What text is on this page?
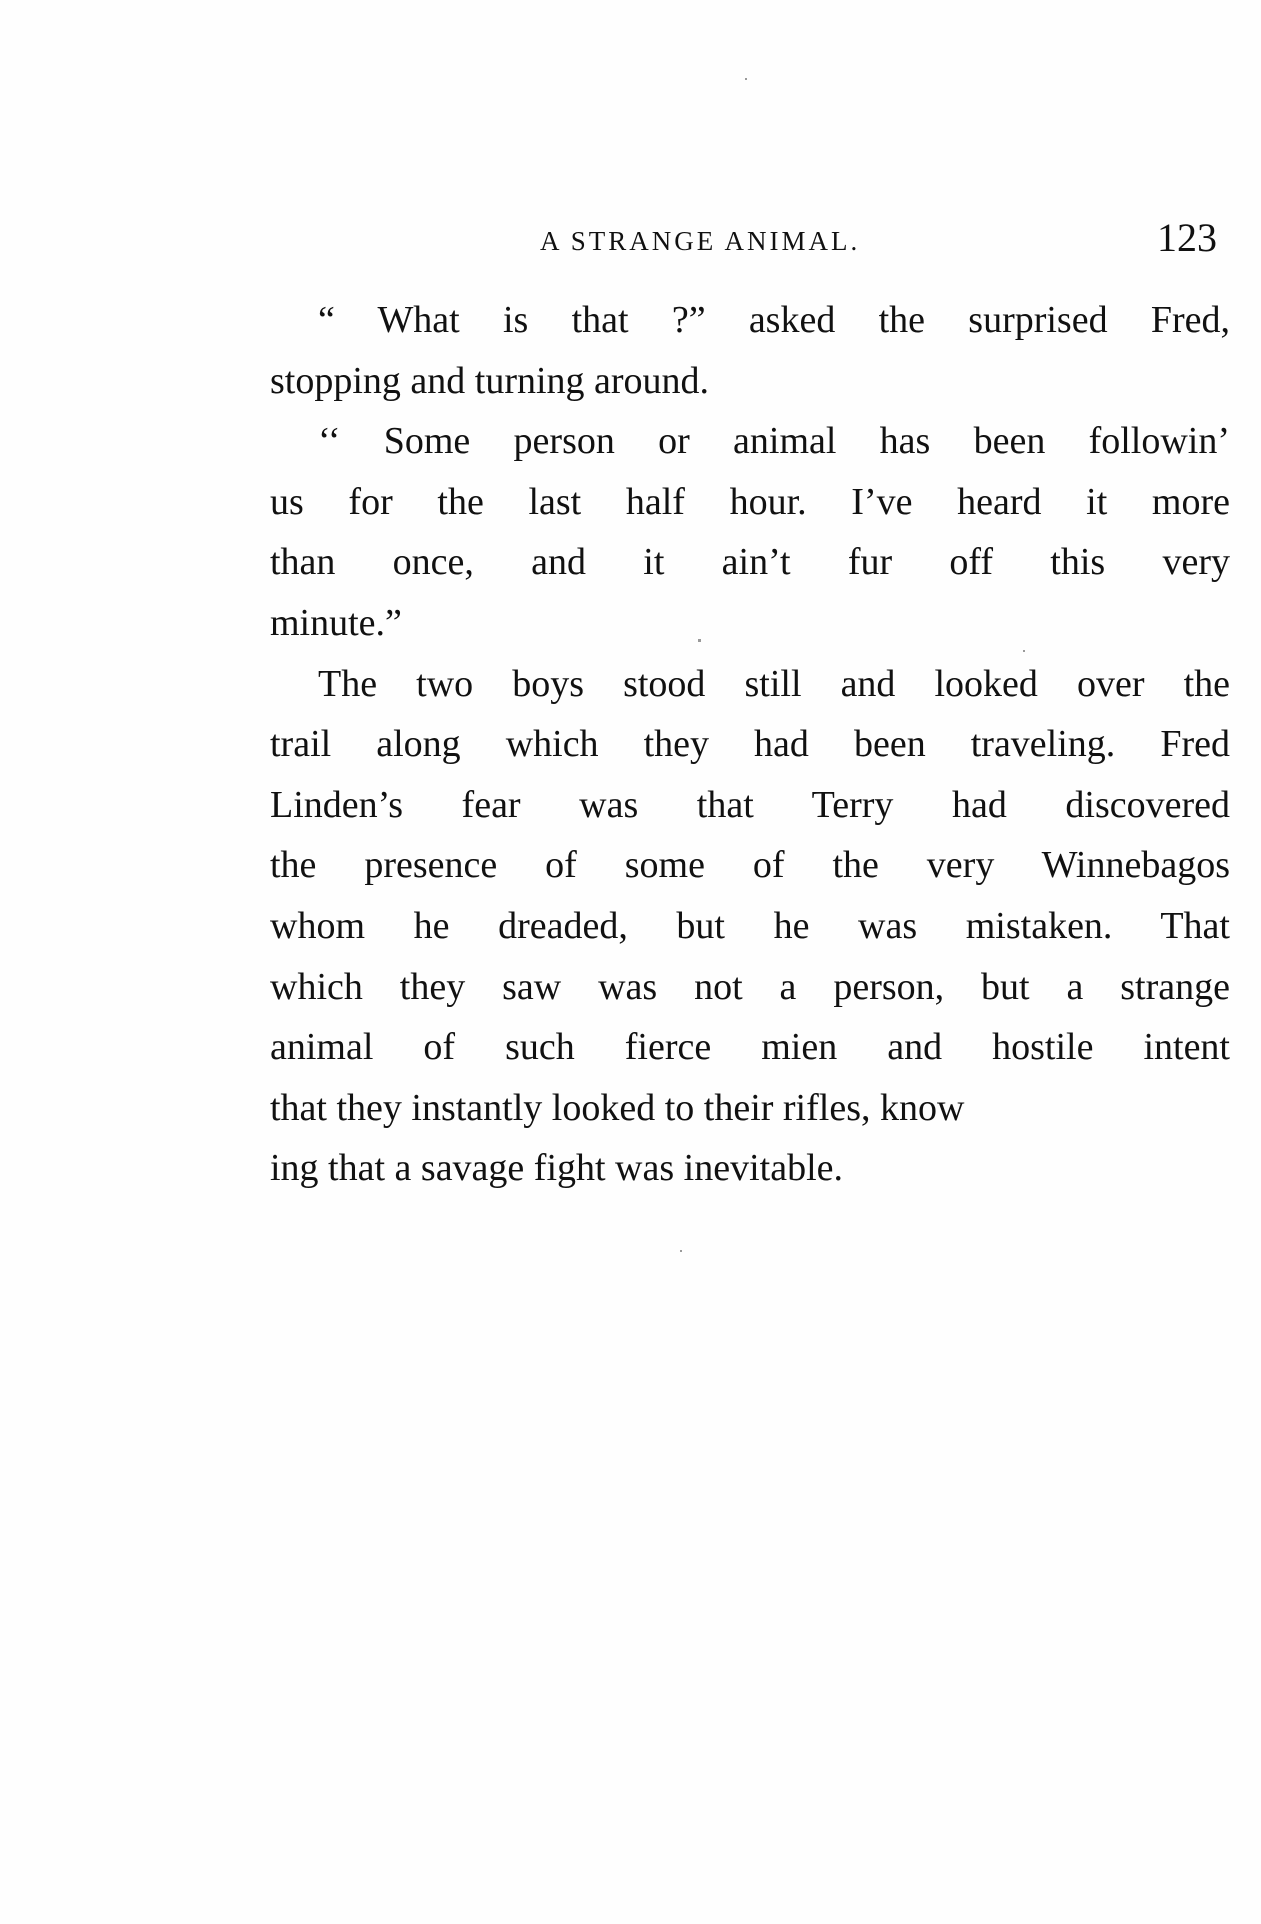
A STRANGE ANIMAL.	123
“ What is that ?” asked the surprised Fred,
stopping and turning around.
‘‘ Some person or animal has been followin’
us for the last half hour. I’ve heard it more
than once, and it ain’t fur off this very
minute.”
The two boys stood still and looked over the
trail along which they had been traveling. Fred
Linden’s fear was that Terry had discovered
the presence of some of the very Winnebagos
whom he dreaded, but he was mistaken. That
which they saw was not a person, but a strange
animal of such fierce mien and hostile intent
that they instantly looked to their rifles, know
ing that a savage fight was inevitable.
